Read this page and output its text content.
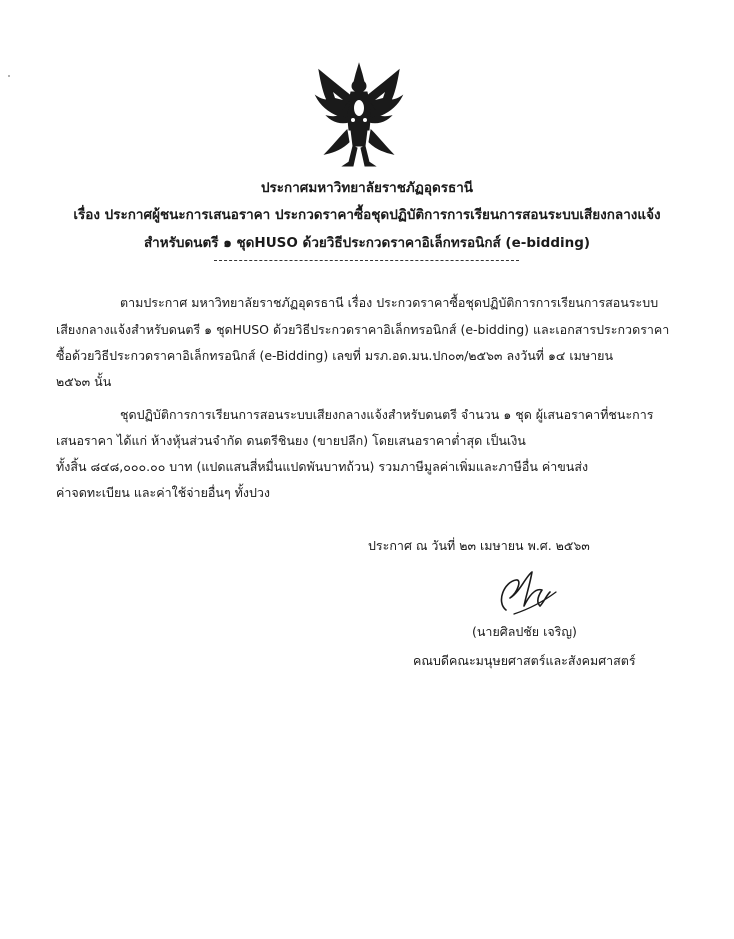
ประกาศมหาวิทยาลัยราชภัฏอุดรธานี
เรื่อง ประกาศผู้ชนะการเสนอราคา ประกวดราคาซื้อชุดปฏิบัติการการเรียนการสอนระบบเสียงกลางแจ้ง
สำหรับดนตรี ๑ ชุดHUSO ด้วยวิธีประกวดราคาอิเล็กทรอนิกส์ (e-bidding)
ตามประกาศ มหาวิทยาลัยราชภัฏอุดรธานี เรื่อง ประกวดราคาซื้อชุดปฏิบัติการการเรียนการสอนระบบ
เสียงกลางแจ้งสำหรับดนตรี ๑ ชุดHUSO ด้วยวิธีประกวดราคาอิเล็กทรอนิกส์ (e-bidding) และเอกสารประกวดราคา
ซื้อด้วยวิธีประกวดราคาอิเล็กทรอนิกส์ (e-Bidding) เลขที่ มรภ.อด.มน.ปก๐๓/๒๕๖๓ ลงวันที่ ๑๔ เมษายน
๒๕๖๓ นั้น
ชุดปฏิบัติการการเรียนการสอนระบบเสียงกลางแจ้งสำหรับดนตรี จำนวน ๑ ชุด ผู้เสนอราคาที่ชนะการ
เสนอราคา ได้แก่ ห้างหุ้นส่วนจำกัด ดนตรีชินยง (ขายปลีก) โดยเสนอราคาต่ำสุด เป็นเงิน
ทั้งสิ้น ๘๔๘,๐๐๐.๐๐ บาท (แปดแสนสี่หมื่นแปดพันบาทถ้วน) รวมภาษีมูลค่าเพิ่มและภาษีอื่น ค่าขนส่ง
ค่าจดทะเบียน และค่าใช้จ่ายอื่นๆ ทั้งปวง
ประกาศ ณ วันที่ ๒๓ เมษายน พ.ศ. ๒๕๖๓
(นายศิลปชัย เจริญ)
คณบดีคณะมนุษยศาสตร์และสังคมศาสตร์
